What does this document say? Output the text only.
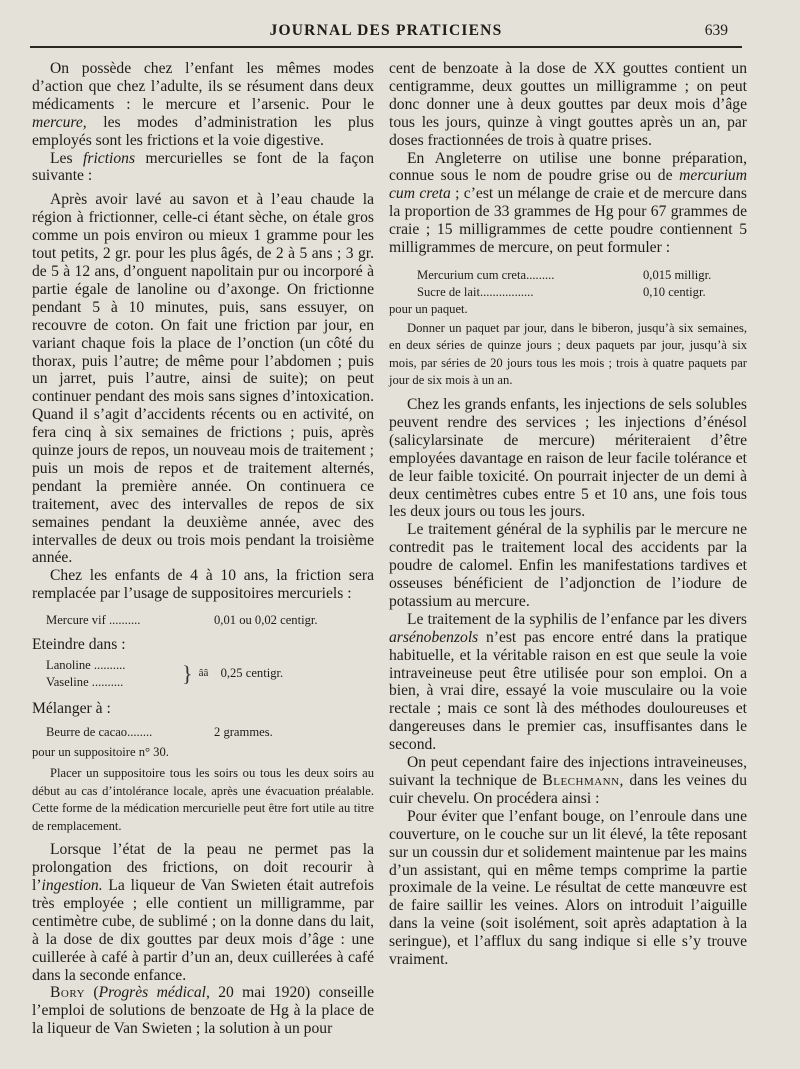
JOURNAL DES PRATICIENS	639

On possède chez l’enfant les mêmes modes d’action que chez l’adulte, ils se résument dans deux médicaments : le mercure et l’arsenic. Pour le mercure, les modes d’administration les plus employés sont les frictions et la voie digestive.

Les frictions mercurielles se font de la façon suivante :

Après avoir lavé au savon et à l’eau chaude la région à frictionner, celle-ci étant sèche, on étale gros comme un pois environ ou mieux 1 gramme pour les tout petits, 2 gr. pour les plus âgés, de 2 à 5 ans ; 3 gr. de 5 à 12 ans, d’onguent napolitain pur ou incorporé à partie égale de lanoline ou d’axonge. On frictionne pendant 5 à 10 minutes, puis, sans essuyer, on recouvre de coton. On fait une friction par jour, en variant chaque fois la place de l’onction (un côté du thorax, puis l’autre; de même pour l’abdomen ; puis un jarret, puis l’autre, ainsi de suite); on peut continuer pendant des mois sans signes d’intoxication. Quand il s’agit d’accidents récents ou en activité, on fera cinq à six semaines de frictions ; puis, après quinze jours de repos, un nouveau mois de traitement ; puis un mois de repos et de traitement alternés, pendant la première année. On continuera ce traitement, avec des intervalles de repos de six semaines pendant la deuxième année, avec des intervalles de deux ou trois mois pendant la troisième année.

Chez les enfants de 4 à 10 ans, la friction sera remplacée par l’usage de suppositoires mercuriels :

Mercure vif ..........	0,01 ou 0,02 centigr.
Eteindre dans :
Lanoline ..........
Vaseline ..........	} ââ 0,25 centigr.
Mélanger à :
Beurre de cacao........	2 grammes.
pour un suppositoire n° 30.

Placer un suppositoire tous les soirs ou tous les deux soirs au début au cas d’intolérance locale, après une évacuation préalable. Cette forme de la médication mercurielle peut être fort utile au titre de remplacement.

Lorsque l’état de la peau ne permet pas la prolongation des frictions, on doit recourir à l’ingestion. La liqueur de Van Swieten était autrefois très employée ; elle contient un milligramme, par centimètre cube, de sublimé ; on la donne dans du lait, à la dose de dix gouttes par deux mois d’âge : une cuillerée à café à partir d’un an, deux cuillerées à café dans la seconde enfance.

Bory (Progrès médical, 20 mai 1920) conseille l’emploi de solutions de benzoate de Hg à la place de la liqueur de Van Swieten ; la solution à un pour

cent de benzoate à la dose de XX gouttes contient un centigramme, deux gouttes un milligramme ; on peut donc donner une à deux gouttes par deux mois d’âge tous les jours, quinze à vingt gouttes après un an, par doses fractionnées de trois à quatre prises.

En Angleterre on utilise une bonne préparation, connue sous le nom de poudre grise ou de mercurium cum creta ; c’est un mélange de craie et de mercure dans la proportion de 33 grammes de Hg pour 67 grammes de craie ; 15 milligrammes de cette poudre contiennent 5 milligrammes de mercure, on peut formuler :

Mercurium cum creta.........	0,015 milligr.
Sucre de lait.................	0,10 centigr.
pour un paquet.

Donner un paquet par jour, dans le biberon, jusqu’à six semaines, en deux séries de quinze jours ; deux paquets par jour, jusqu’à six mois, par séries de 20 jours tous les mois ; trois à quatre paquets par jour de six mois à un an.

Chez les grands enfants, les injections de sels solubles peuvent rendre des services ; les injections d’énésol (salicylarsinate de mercure) mériteraient d’être employées davantage en raison de leur facile tolérance et de leur faible toxicité. On pourrait injecter de un demi à deux centimètres cubes entre 5 et 10 ans, une fois tous les deux jours ou tous les jours.

Le traitement général de la syphilis par le mercure ne contredit pas le traitement local des accidents par la poudre de calomel. Enfin les manifestations tardives et osseuses bénéficient de l’adjonction de l’iodure de potassium au mercure.

Le traitement de la syphilis de l’enfance par les divers arsénobenzols n’est pas encore entré dans la pratique habituelle, et la véritable raison en est que seule la voie intraveineuse peut être utilisée pour son emploi. On a bien, à vrai dire, essayé la voie musculaire ou la voie rectale ; mais ce sont là des méthodes douloureuses et dangereuses dans le premier cas, insuffisantes dans le second.

On peut cependant faire des injections intraveineuses, suivant la technique de Blechmann, dans les veines du cuir chevelu. On procédera ainsi :

Pour éviter que l’enfant bouge, on l’enroule dans une couverture, on le couche sur un lit élevé, la tête reposant sur un coussin dur et solidement maintenue par les mains d’un assistant, qui en même temps comprime la partie proximale de la veine. Le résultat de cette manœuvre est de faire saillir les veines. Alors on introduit l’aiguille dans la veine (soit isolément, soit après adaptation à la seringue), et l’afflux du sang indique si elle s’y trouve vraiment.
